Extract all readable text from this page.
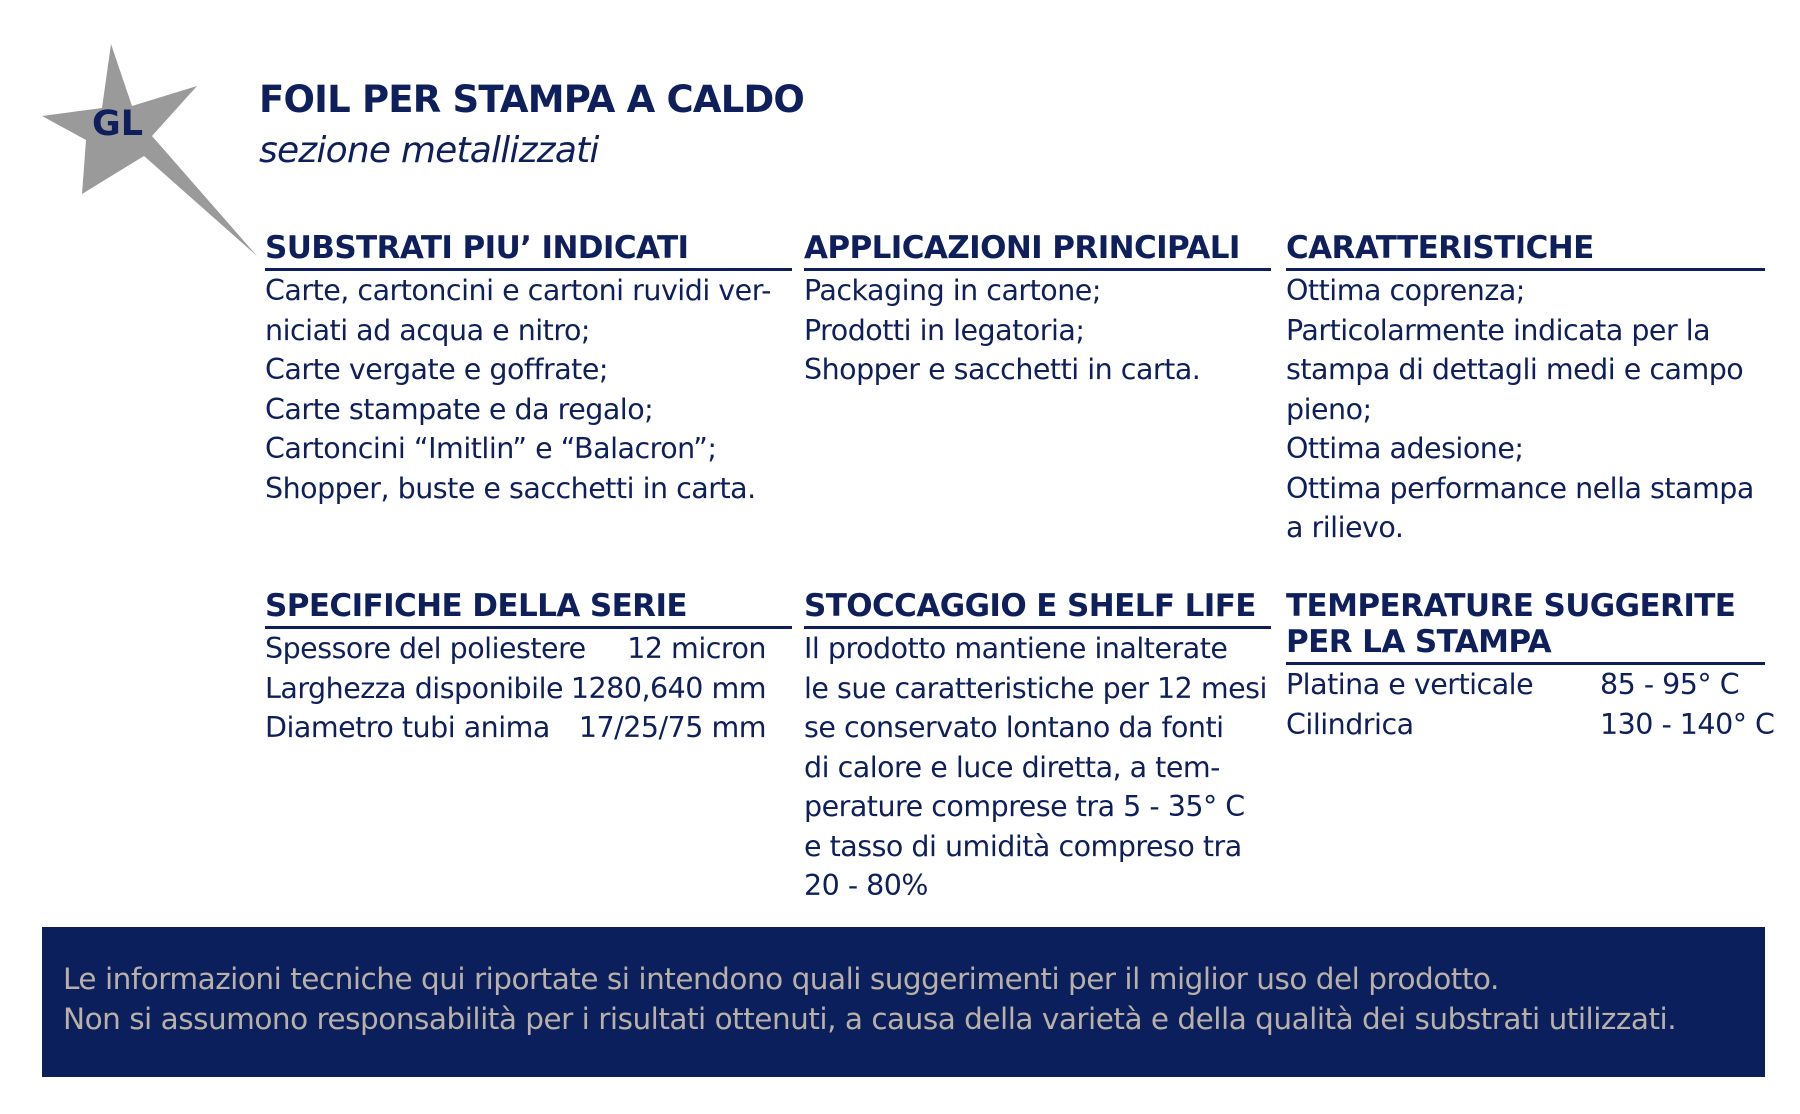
GL
FOIL PER STAMPA A CALDO
sezione metallizzati
SUBSTRATI PIU’ INDICATI
Carte, cartoncini e cartoni ruvidi ver-
niciati ad acqua e nitro;
Carte vergate e goffrate;
Carte stampate e da regalo;
Cartoncini “Imitlin” e “Balacron”;
Shopper, buste e sacchetti in carta.
APPLICAZIONI PRINCIPALI
Packaging in cartone;
Prodotti in legatoria;
Shopper e sacchetti in carta.
CARATTERISTICHE
Ottima coprenza;
Particolarmente indicata per la
stampa di dettagli medi e campo
pieno;
Ottima adesione;
Ottima performance nella stampa
a rilievo.
SPECIFICHE DELLA SERIE
Spessore del poliestere 12 micron
Larghezza disponibile 1280,640 mm
Diametro tubi anima 17/25/75 mm
STOCCAGGIO E SHELF LIFE
Il prodotto mantiene inalterate
le sue caratteristiche per 12 mesi
se conservato lontano da fonti
di calore e luce diretta, a tem-
perature comprese tra 5 - 35° C
e tasso di umidità compreso tra
20 - 80%
TEMPERATURE SUGGERITE
PER LA STAMPA
Platina e verticale 85 - 95° C
Cilindrica	130 - 140° C
Le informazioni tecniche qui riportate si intendono quali suggerimenti per il miglior uso del prodotto.
Non si assumono responsabilità per i risultati ottenuti, a causa della varietà e della qualità dei substrati utilizzati.
